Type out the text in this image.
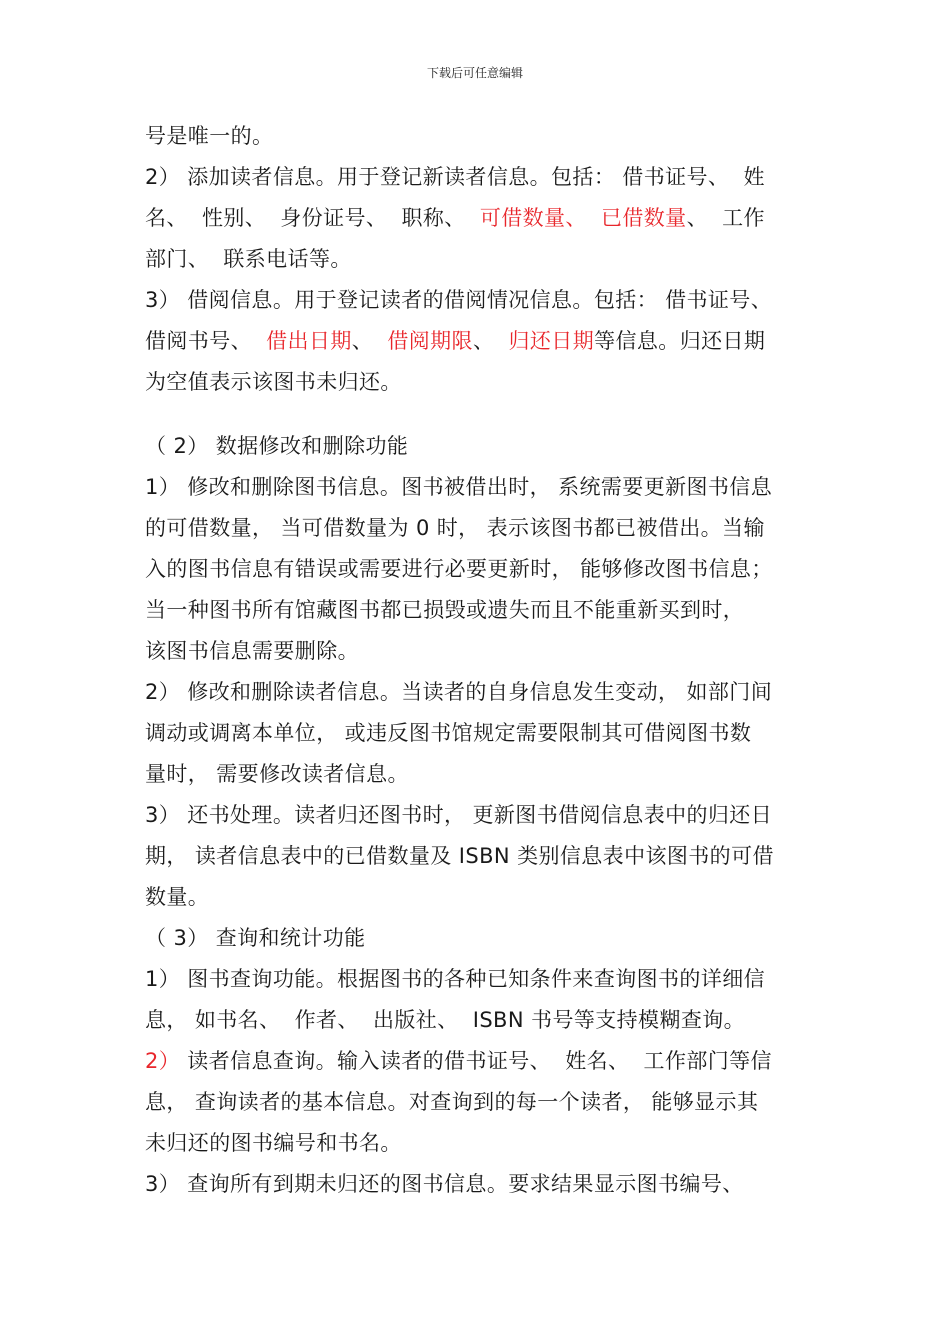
下载后可任意编辑
号是唯一的。
2） 添加读者信息。用于登记新读者信息。包括： 借书证号、  姓
名、  性别、  身份证号、  职称、  可借数量、 已借数量、  工作
部门、  联系电话等。
3） 借阅信息。用于登记读者的借阅情况信息。包括： 借书证号、
借阅书号、  借出日期、  借阅期限、  归还日期等信息。归还日期
为空值表示该图书未归还。
（ 2） 数据修改和删除功能
1） 修改和删除图书信息。图书被借出时， 系统需要更新图书信息
的可借数量， 当可借数量为 0 时， 表示该图书都已被借出。当输
入的图书信息有错误或需要进行必要更新时， 能够修改图书信息；
当一种图书所有馆藏图书都已损毁或遗失而且不能重新买到时，
该图书信息需要删除。
2） 修改和删除读者信息。当读者的自身信息发生变动， 如部门间
调动或调离本单位， 或违反图书馆规定需要限制其可借阅图书数
量时， 需要修改读者信息。
3） 还书处理。读者归还图书时， 更新图书借阅信息表中的归还日
期， 读者信息表中的已借数量及 ISBN 类别信息表中该图书的可借
数量。
（ 3） 查询和统计功能
1） 图书查询功能。根据图书的各种已知条件来查询图书的详细信
息， 如书名、  作者、  出版社、  ISBN 书号等支持模糊查询。
2） 读者信息查询。输入读者的借书证号、  姓名、  工作部门等信
息， 查询读者的基本信息。对查询到的每一个读者， 能够显示其
未归还的图书编号和书名。
3） 查询所有到期未归还的图书信息。要求结果显示图书编号、
